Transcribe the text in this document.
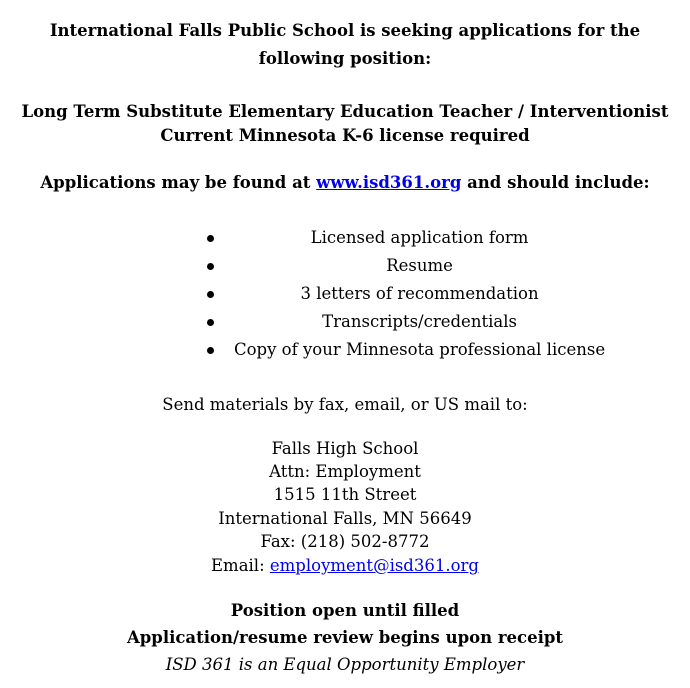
International Falls Public School is seeking applications for the
following position:
Long Term Substitute Elementary Education Teacher / Interventionist
Current Minnesota K-6 license required
Applications may be found at www.isd361.org and should include:
Licensed application form
Resume
3 letters of recommendation
Transcripts/credentials
Copy of your Minnesota professional license
Send materials by fax, email, or US mail to:
Falls High School
Attn: Employment
1515 11th Street
International Falls, MN 56649
Fax: (218) 502-8772
Email: employment@isd361.org
Position open until filled
Application/resume review begins upon receipt
ISD 361 is an Equal Opportunity Employer
